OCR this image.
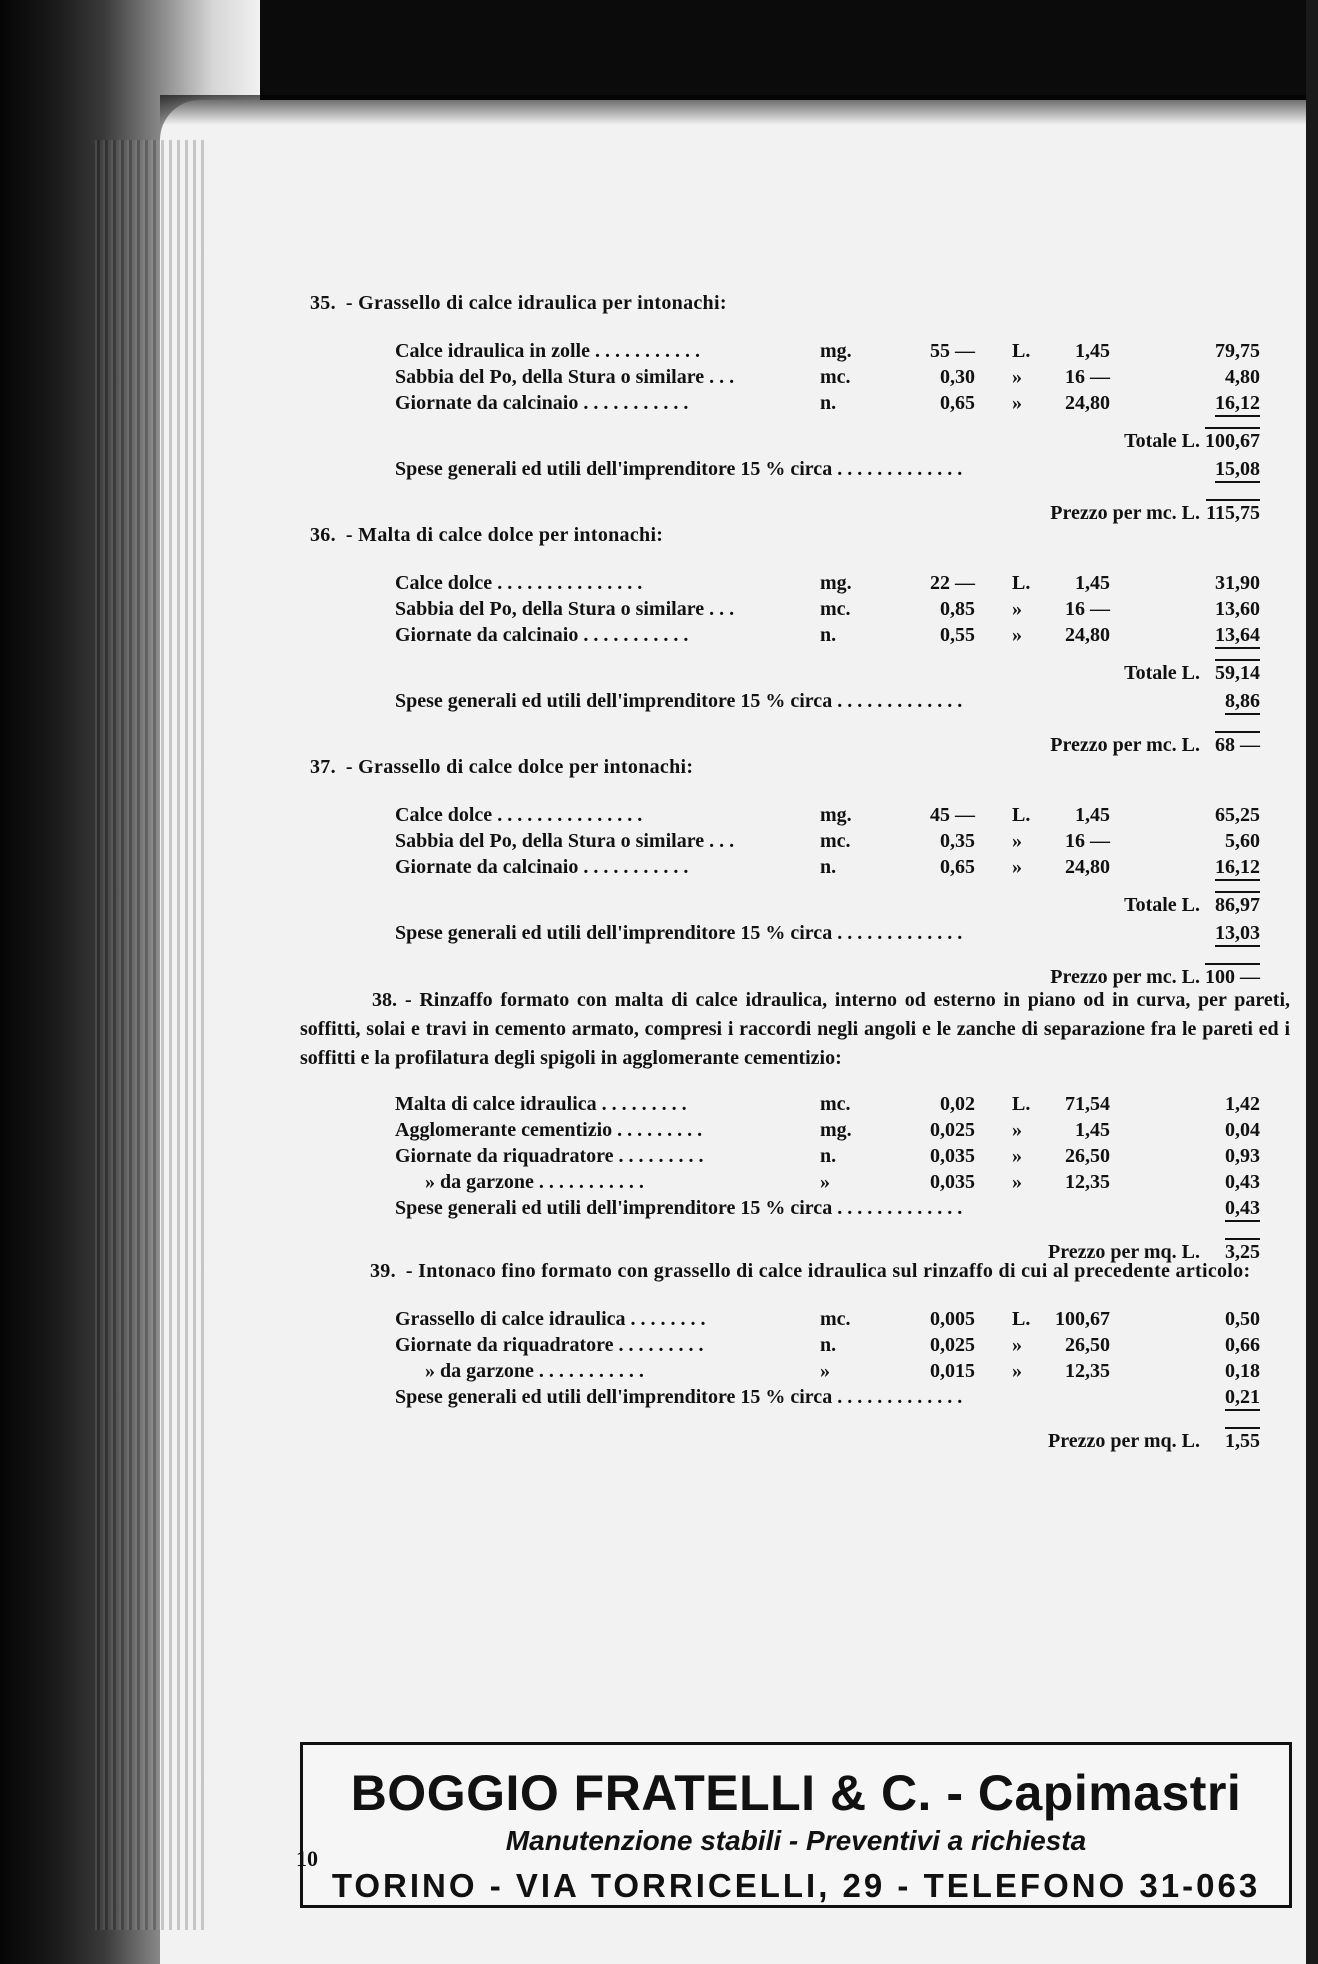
35. - Grassello di calce idraulica per intonachi:
Calce idraulica in zolle ...........	mg.	55 — L.	1,45	79,75
Sabbia del Po, della Stura o similare ...	mc.	0,30 »	16 —	4,80
Giornate da calcinaio ...........	n.	0,65 »	24,80	16,12
Totale L. 100,67
Spese generali ed utili dell'imprenditore 15 % circa .............	15,08
Prezzo per mc. L. 115,75
36. - Malta di calce dolce per intonachi:
Calce dolce ...............	mg.	22 — L.	1,45	31,90
Sabbia del Po, della Stura o similare ...	mc.	0,85 »	16 —	13,60
Giornate da calcinaio ...........	n.	0,55 »	24,80	13,64
Totale L. 59,14
Spese generali ed utili dell'imprenditore 15 % circa .............	8,86
Prezzo per mc. L. 68 —
37. - Grassello di calce dolce per intonachi:
Calce dolce ...............	mg.	45 — L.	1,45	65,25
Sabbia del Po, della Stura o similare ...	mc.	0,35 »	16 —	5,60
Giornate da calcinaio ...........	n.	0,65 »	24,80	16,12
Totale L. 86,97
Spese generali ed utili dell'imprenditore 15 % circa .............	13,03
Prezzo per mc. L. 100 —
38. - Rinzaffo formato con malta di calce idraulica, interno od esterno in piano od in curva, per pareti, soffitti, solai e travi in cemento armato, compresi i raccordi negli angoli e le zanche di separazione fra le pareti ed i soffitti e la profilatura degli spigoli in agglomerante cementizio:
Malta di calce idraulica .........	mc.	0,02 L.	71,54	1,42
Agglomerante cementizio .........	mg.	0,025 »	1,45	0,04
Giornate da riquadratore .........	n.	0,035 »	26,50	0,93
» da garzone ...........	»	0,035 »	12,35	0,43
Spese generali ed utili dell'imprenditore 15 % circa .............	0,43
Prezzo per mq. L.	3,25
39. - Intonaco fino formato con grassello di calce idraulica sul rinzaffo di cui al precedente articolo:
Grassello di calce idraulica ........	mc.	0,005 L.	100,67	0,50
Giornate da riquadratore .........	n.	0,025 »	26,50	0,66
» da garzone ...........	»	0,015 »	12,35	0,18
Spese generali ed utili dell'imprenditore 15 % circa .............	0,21
Prezzo per mq. L.	1,55
BOGGIO FRATELLI & C. - Capimastri
Manutenzione stabili - Preventivi a richiesta
TORINO - VIA TORRICELLI, 29 - TELEFONO 31-063
10
